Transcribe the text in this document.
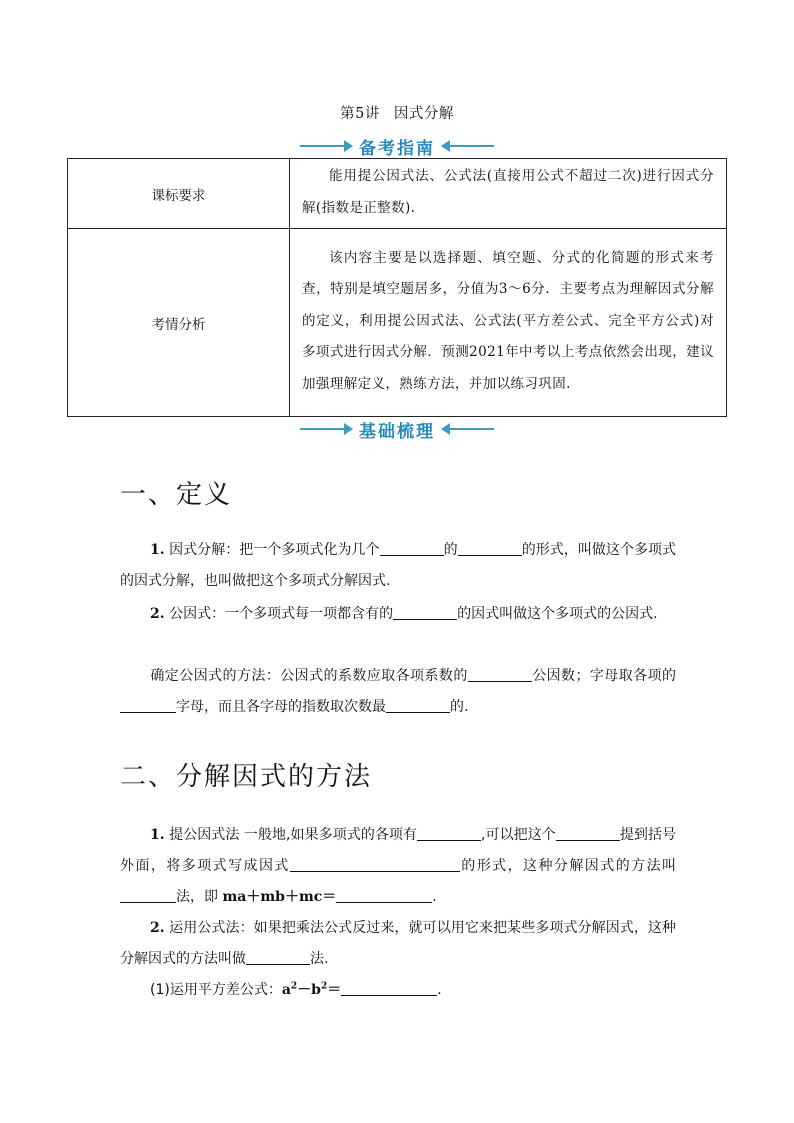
第5讲 因式分解
备考指南
课标要求	能用提公因式法、公式法(直接用公式不超过二次)进行因式分解(指数是正整数).
考情分析	该内容主要是以选择题、填空题、分式的化简题的形式来考查，特别是填空题居多，分值为3～6分．主要考点为理解因式分解的定义，利用提公因式法、公式法(平方差公式、完全平方公式)对多项式进行因式分解．预测2021年中考以上考点依然会出现，建议加强理解定义，熟练方法，并加以练习巩固.
基础梳理
一、定义
1. 因式分解：把一个多项式化为几个	的	的形式，叫做这个多项式的因式分解，也叫做把这个多项式分解因式.
2. 公因式：一个多项式每一项都含有的	的因式叫做这个多项式的公因式.
确定公因式的方法：公因式的系数应取各项系数的	公因数；字母取各项的字母，而且各字母的指数取次数最	的.
二、分解因式的方法
1. 提公因式法 一般地,如果多项式的各项有	,可以把这个	提到括号外面，将多项式写成因式	的形式，这种分解因式的方法叫法，即 ma＋mb＋mc＝	.
2. 运用公式法：如果把乘法公式反过来，就可以用它来把某些多项式分解因式，这种分解因式的方法叫做	法.
(1)运用平方差公式：$a^2-b^2=$	.
